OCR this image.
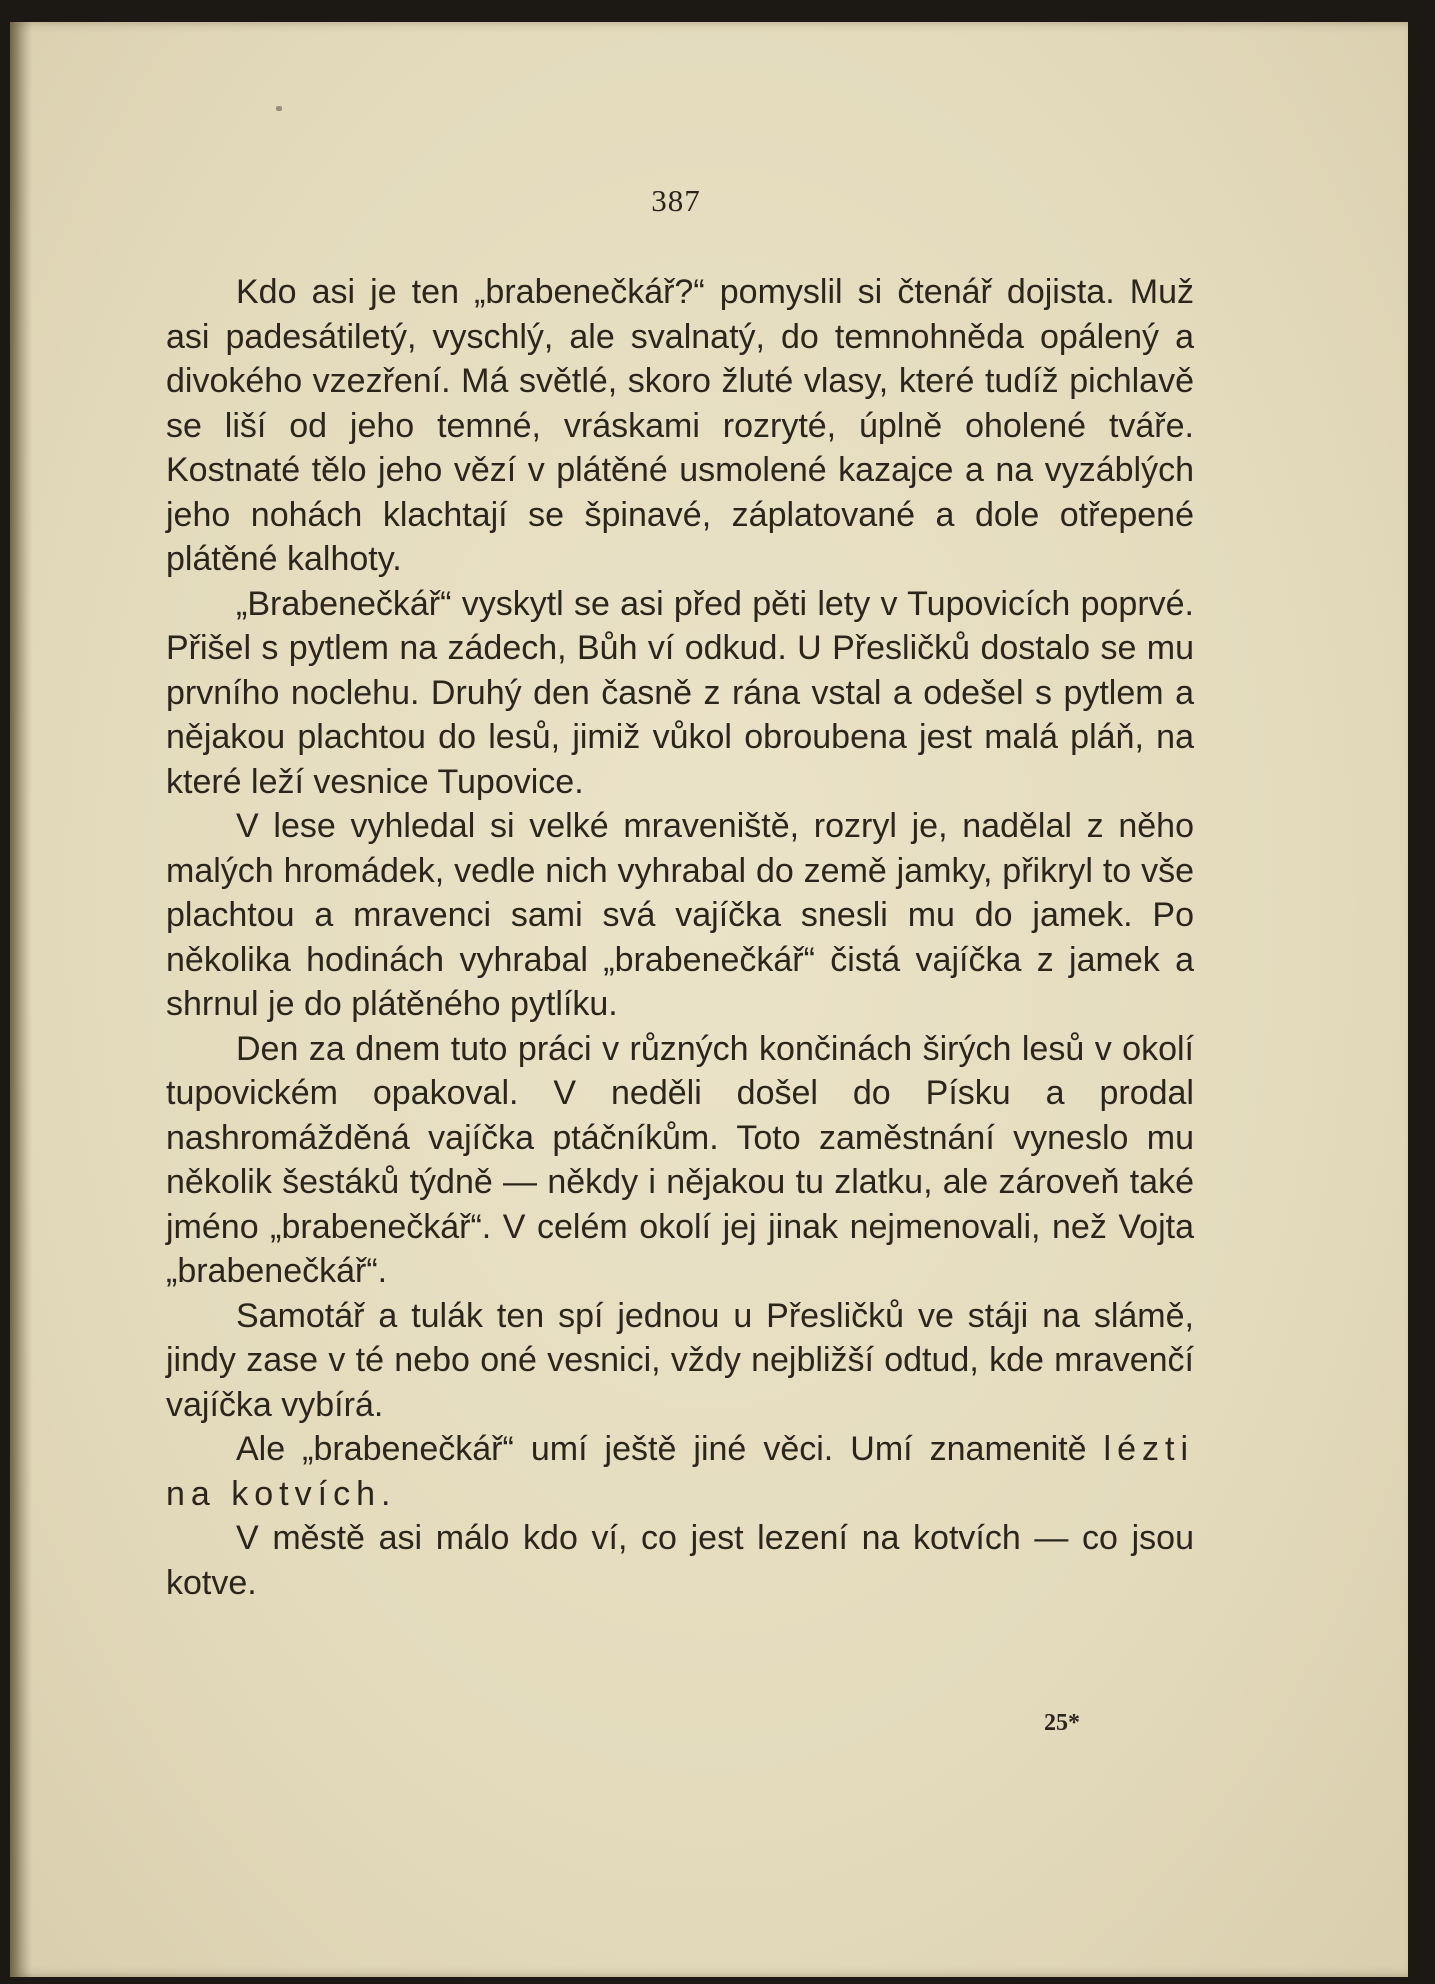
387

Kdo asi je ten „brabenečkář?“ pomyslil si čtenář dojista. Muž asi padesátiletý, vyschlý, ale svalnatý, do temnohněda opálený a divokého vzezření. Má světlé, skoro žluté vlasy, které tudíž pichlavě se liší od jeho temné, vráskami rozryté, úplně oholené tváře. Kostnaté tělo jeho vězí v plátěné usmolené kazajce a na vyzáblých jeho nohách klachtají se špinavé, záplatované a dole otřepené plátěné kalhoty.

„Brabenečkář“ vyskytl se asi před pěti lety v Tupovicích poprvé. Přišel s pytlem na zádech, Bůh ví odkud. U Přesličků dostalo se mu prvního noclehu. Druhý den časně z rána vstal a odešel s pytlem a nějakou plachtou do lesů, jimiž vůkol obroubena jest malá pláň, na které leží vesnice Tupovice.

V lese vyhledal si velké mraveniště, rozryl je, nadělal z něho malých hromádek, vedle nich vyhrabal do země jamky, přikryl to vše plachtou a mravenci sami svá vajíčka snesli mu do jamek. Po několika hodinách vyhrabal „brabenečkář“ čistá vajíčka z jamek a shrnul je do plátěného pytlíku.

Den za dnem tuto práci v různých končinách širých lesů v okolí tupovickém opakoval. V neděli došel do Písku a prodal nashromážděná vajíčka ptáčníkům. Toto zaměstnání vyneslo mu několik šestáků týdně — někdy i nějakou tu zlatku, ale zároveň také jméno „brabenečkář“. V celém okolí jej jinak nejmenovali, než Vojta „brabenečkář“.

Samotář a tulák ten spí jednou u Přesličků ve stáji na slámě, jindy zase v té nebo oné vesnici, vždy nejbližší odtud, kde mravenčí vajíčka vybírá.

Ale „brabenečkář“ umí ještě jiné věci. Umí znamenitě lézti na kotvích.

V městě asi málo kdo ví, co jest lezení na kotvích — co jsou kotve.

25*
